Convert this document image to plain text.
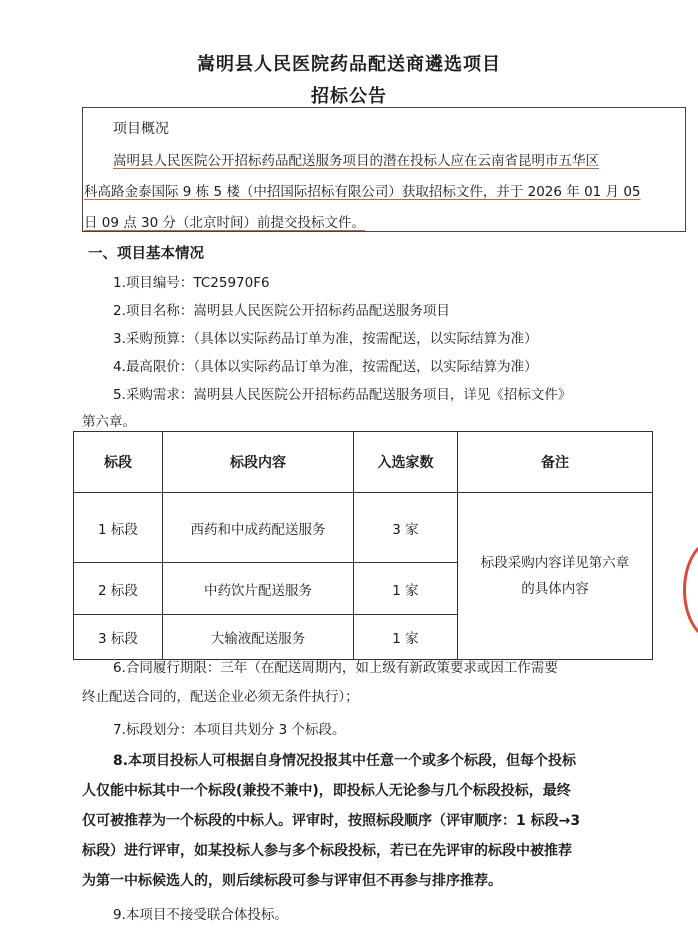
嵩明县人民医院药品配送商遴选项目
招标公告
项目概况
嵩明县人民医院公开招标药品配送服务项目的潜在投标人应在云南省昆明市五华区
科高路金泰国际 9 栋 5 楼（中招国际招标有限公司）获取招标文件，并于 2026 年 01 月 05
日 09 点 30 分（北京时间）前提交投标文件。
一、项目基本情况
1.项目编号：TC25970F6
2.项目名称：嵩明县人民医院公开招标药品配送服务项目
3.采购预算：（具体以实际药品订单为准，按需配送，以实际结算为准）
4.最高限价：（具体以实际药品订单为准，按需配送，以实际结算为准）
5.采购需求：嵩明县人民医院公开招标药品配送服务项目，详见《招标文件》
第六章。
标段	标段内容	入选家数	备注
1 标段	西药和中成药配送服务	3 家	标段采购内容详见第六章
的具体内容
2 标段	中药饮片配送服务	1 家	
3 标段	大输液配送服务	1 家	
6.合同履行期限：三年（在配送周期内，如上级有新政策要求或因工作需要
终止配送合同的，配送企业必须无条件执行）；
7.标段划分：本项目共划分 3 个标段。
8.本项目投标人可根据自身情况投报其中任意一个或多个标段，但每个投标
人仅能中标其中一个标段(兼投不兼中)，即投标人无论参与几个标段投标，最终
仅可被推荐为一个标段的中标人。评审时，按照标段顺序（评审顺序：1 标段→3
标段）进行评审，如某投标人参与多个标段投标，若已在先评审的标段中被推荐
为第一中标候选人的，则后续标段可参与评审但不再参与排序推荐。
9.本项目不接受联合体投标。
